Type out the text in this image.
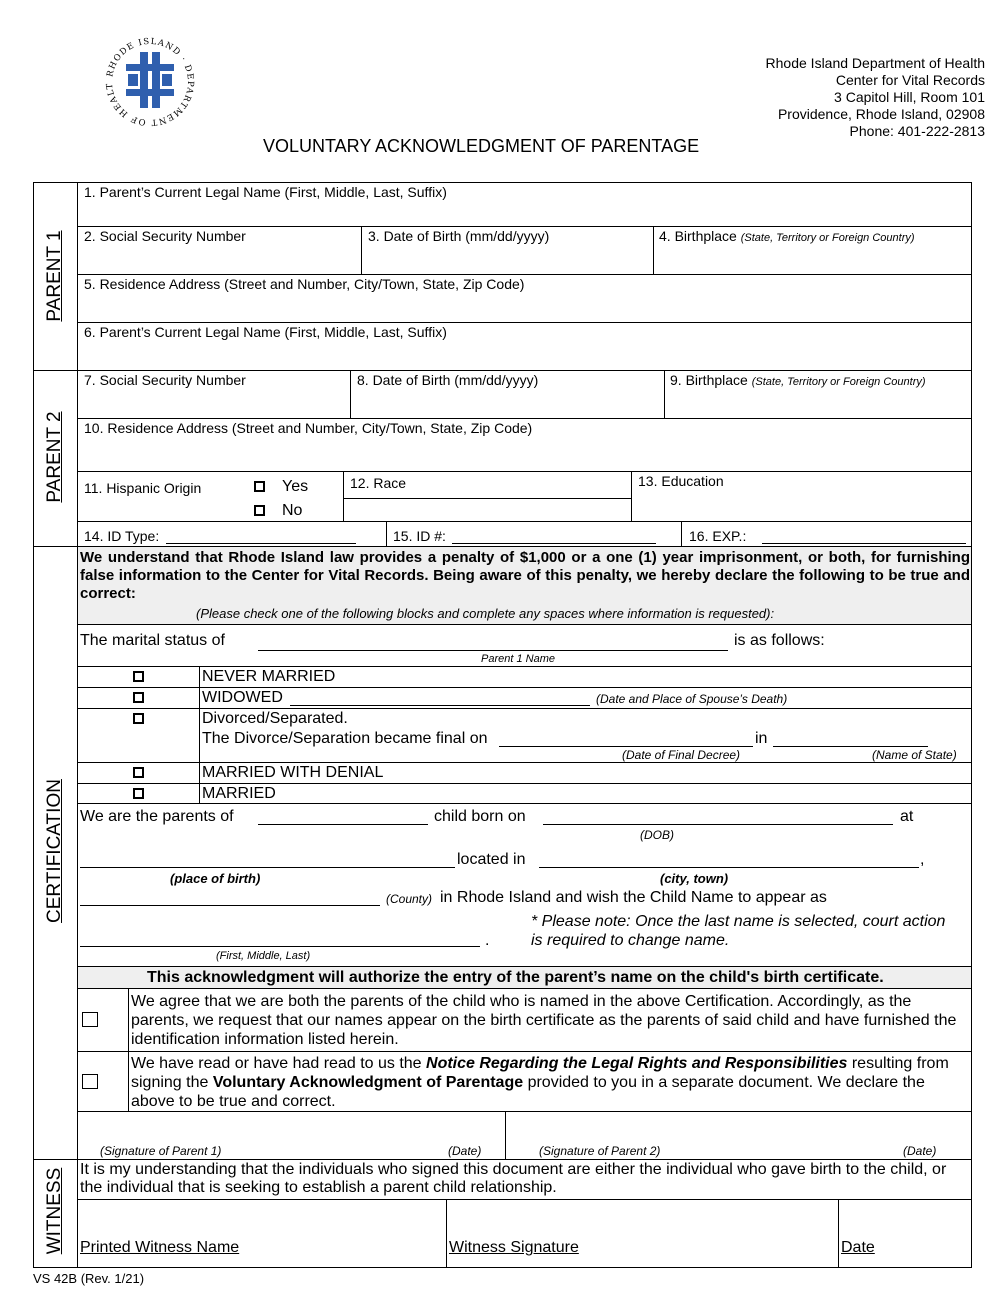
RHODE ISLAND · DEPARTMENT OF HEALT
Rhode Island Department of Health
Center for Vital Records
3 Capitol Hill, Room 101
Providence, Rhode Island, 02908
Phone: 401-222-2813
VOLUNTARY ACKNOWLEDGMENT OF PARENTAGE
PARENT 1
PARENT 2
CERTIFICATION
WITNESS
1. Parent’s Current Legal Name (First, Middle, Last, Suffix)
2. Social Security Number	3. Date of Birth (mm/dd/yyyy)	4. Birthplace (State, Territory or Foreign Country)
5. Residence Address (Street and Number, City/Town, State, Zip Code)
6. Parent’s Current Legal Name (First, Middle, Last, Suffix)
7. Social Security Number	8. Date of Birth (mm/dd/yyyy)	9. Birthplace (State, Territory or Foreign Country)
10. Residence Address (Street and Number, City/Town, State, Zip Code)
11. Hispanic Origin	Yes
No
12. Race	13. Education
14. ID Type:	15. ID #:	16. EXP.:
We understand that Rhode Island law provides a penalty of $1,000 or a one (1) year imprisonment, or both, for furnishing false information to the Center for Vital Records. Being aware of this penalty, we hereby declare the following to be true and correct:
(Please check one of the following blocks and complete any spaces where information is requested):
The marital status of	is as follows:
Parent 1 Name
NEVER MARRIED
WIDOWED	(Date and Place of Spouse’s Death)
Divorced/Separated.
The Divorce/Separation became final on	in
(Date of Final Decree)	(Name of State)
MARRIED WITH DENIAL
MARRIED
We are the parents of	child born on	at
(DOB)
located in	,
(place of birth)	(city, town)
(County) in Rhode Island and wish the Child Name to appear as
* Please note: Once the last name is selected, court action
is required to change name.
.
(First, Middle, Last)
This acknowledgment will authorize the entry of the parent’s name on the child's birth certificate.
We agree that we are both the parents of the child who is named in the above Certification. Accordingly, as the parents, we request that our names appear on the birth certificate as the parents of said child and have furnished the identification information listed herein.
We have read or have had read to us the Notice Regarding the Legal Rights and Responsibilities resulting from signing the Voluntary Acknowledgment of Parentage provided to you in a separate document. We declare the above to be true and correct.
(Signature of Parent 1)	(Date)	(Signature of Parent 2)	(Date)
It is my understanding that the individuals who signed this document are either the individual who gave birth to the child, or the individual that is seeking to establish a parent child relationship.
Printed Witness Name	Witness Signature	Date
VS 42B (Rev. 1/21)
